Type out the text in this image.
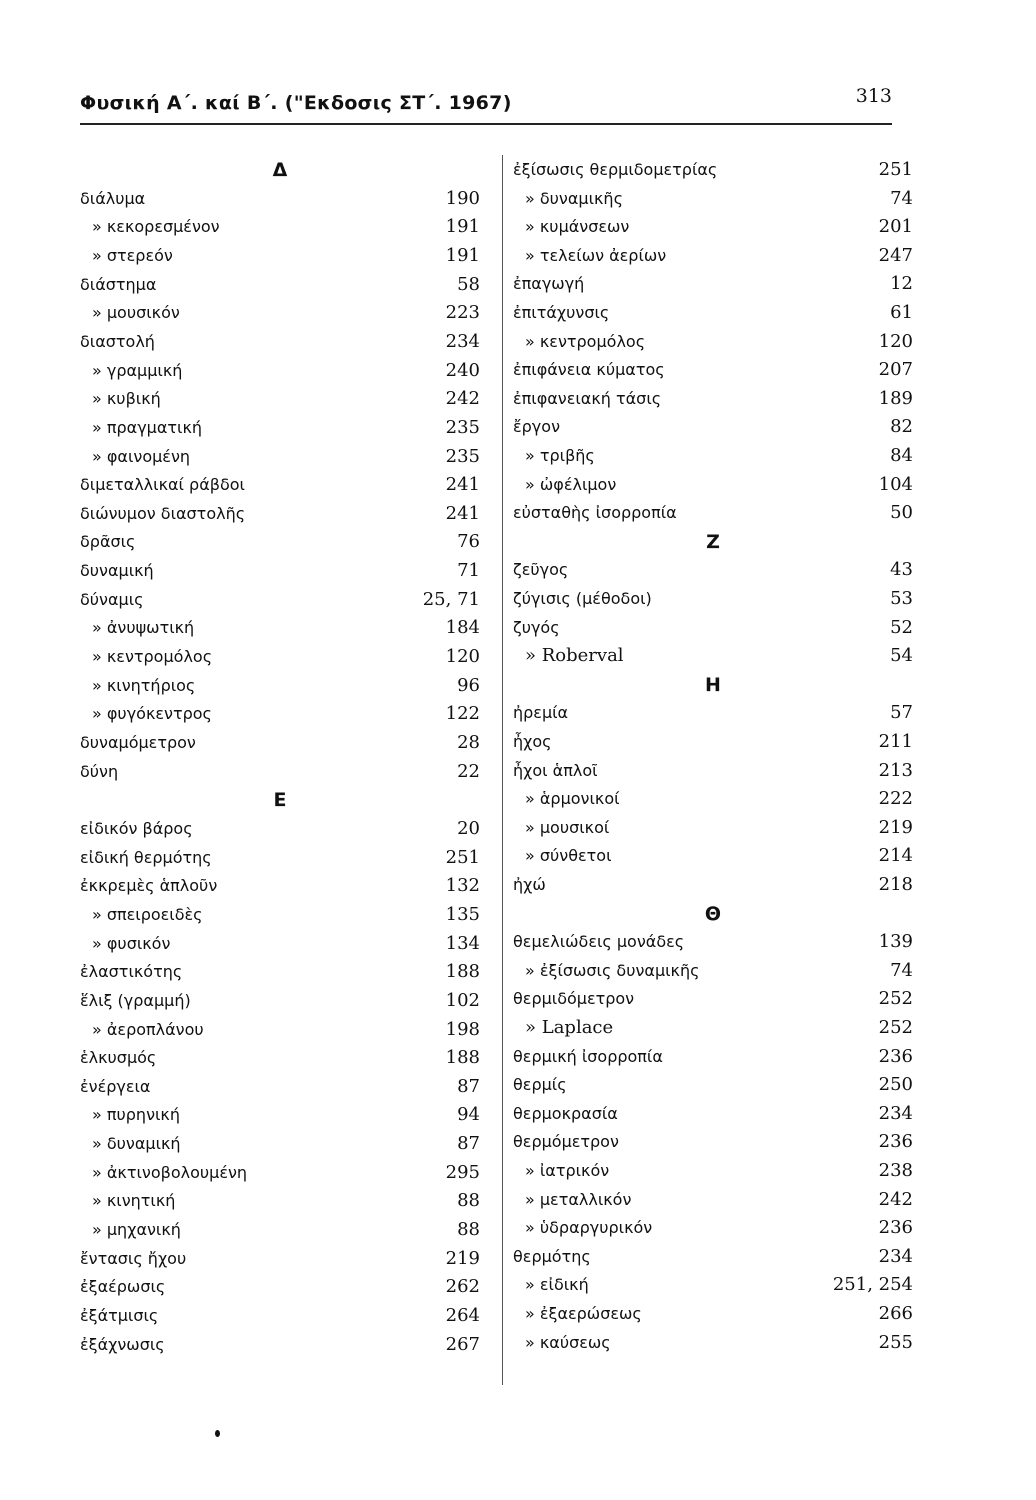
Φυσική Α΄. καί Β΄. ("Εκδοσις ΣΤ΄. 1967)	313
Δ
διάλυμα	190
» κεκορεσμένον	191
» στερεόν	191
διάστημα	58
» μουσικόν	223
διαστολή	234
» γραμμική	240
» κυβική	242
» πραγματική	235
» φαινομένη	235
διμεταλλικαί ράβδοι	241
διώνυμον διαστολῆς	241
δρᾶσις	76
δυναμική	71
δύναμις	25, 71
» ἀνυψωτική	184
» κεντρομόλος	120
» κινητήριος	96
» φυγόκεντρος	122
δυναμόμετρον	28
δύνη	22
Ε
εἰδικόν βάρος	20
εἰδική θερμότης	251
ἐκκρεμὲς ἁπλοῦν	132
» σπειροειδὲς	135
» φυσικόν	134
ἐλαστικότης	188
ἕλιξ (γραμμή)	102
» ἀεροπλάνου	198
ἑλκυσμός	188
ἐνέργεια	87
» πυρηνική	94
» δυναμική	87
» ἀκτινοβολουμένη	295
» κινητική	88
» μηχανική	88
ἔντασις ἤχου	219
ἐξαέρωσις	262
ἐξάτμισις	264
ἐξάχνωσις	267
ἐξίσωσις θερμιδομετρίας	251
» δυναμικῆς	74
» κυμάνσεων	201
» τελείων ἀερίων	247
ἐπαγωγή	12
ἐπιτάχυνσις	61
» κεντρομόλος	120
ἐπιφάνεια κύματος	207
ἐπιφανειακή τάσις	189
ἔργον	82
» τριβῆς	84
» ὠφέλιμον	104
εὐσταθὴς ἰσορροπία	50
Ζ
ζεῦγος	43
ζύγισις (μέθοδοι)	53
ζυγός	52
» Roberval	54
Η
ἠρεμία	57
ἦχος	211
ἦχοι ἁπλοῖ	213
» ἁρμονικοί	222
» μουσικοί	219
» σύνθετοι	214
ἠχώ	218
Θ
θεμελιώδεις μονάδες	139
» ἐξίσωσις δυναμικῆς	74
θερμιδόμετρον	252
» Laplace	252
θερμική ἰσορροπία	236
θερμίς	250
θερμοκρασία	234
θερμόμετρον	236
» ἰατρικόν	238
» μεταλλικόν	242
» ὑδραργυρικόν	236
θερμότης	234
» εἰδική	251, 254
» ἐξαερώσεως	266
» καύσεως	255
